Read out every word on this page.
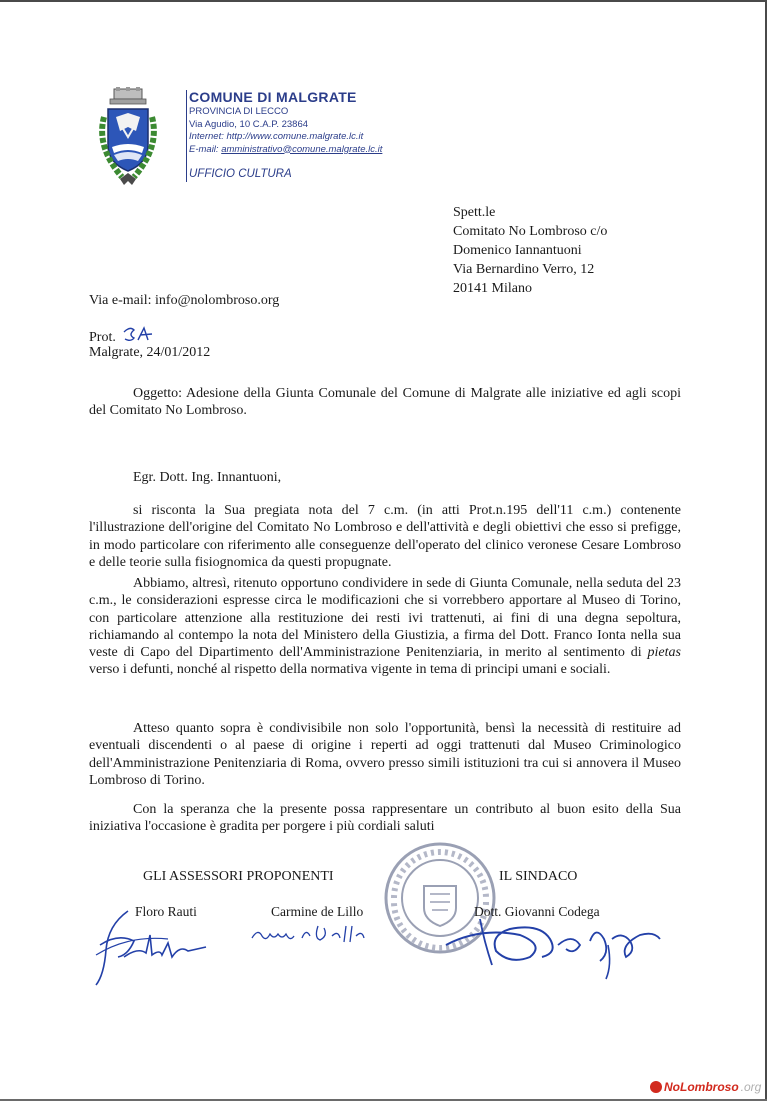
COMUNE DI MALGRATE
PROVINCIA DI LECCO
Via Agudio, 10 C.A.P. 23864
Internet: http://www.comune.malgrate.lc.it
E-mail: amministrativo@comune.malgrate.lc.it
UFFICIO CULTURA
Spett.le
Comitato No Lombroso c/o
Domenico Iannantuoni
Via Bernardino Verro, 12
20141 Milano
Via e-mail: info@nolombroso.org
Prot.
Malgrate, 24/01/2012
Oggetto: Adesione della Giunta Comunale del Comune di Malgrate alle iniziative ed agli scopi del Comitato No Lombroso.
Egr. Dott. Ing. Innantuoni,
si risconta la Sua pregiata nota del 7 c.m. (in atti Prot.n.195 dell'11 c.m.) contenente l'illustrazione dell'origine del Comitato No Lombroso e dell'attività e degli obiettivi che esso si prefigge, in modo particolare con riferimento alle conseguenze dell'operato del clinico veronese Cesare Lombroso e delle teorie sulla fisiognomica da questi propugnate.
Abbiamo, altresì, ritenuto opportuno condividere in sede di Giunta Comunale, nella seduta del 23 c.m., le considerazioni espresse circa le modificazioni che si vorrebbero apportare al Museo di Torino, con particolare attenzione alla restituzione dei resti ivi trattenuti, ai fini di una degna sepoltura, richiamando al contempo la nota del Ministero della Giustizia, a firma del Dott. Franco Ionta nella sua veste di Capo del Dipartimento dell'Amministrazione Penitenziaria, in merito al sentimento di pietas verso i defunti, nonché al rispetto della normativa vigente in tema di principi umani e sociali.
Atteso quanto sopra è condivisibile non solo l'opportunità, bensì la necessità di restituire ad eventuali discendenti o al paese di origine i reperti ad oggi trattenuti dal Museo Criminologico dell'Amministrazione Penitenziaria di Roma, ovvero presso simili istituzioni tra cui si annovera il Museo Lombroso di Torino.
Con la speranza che la presente possa rappresentare un contributo al buon esito della Sua iniziativa l'occasione è gradita per porgere i più cordiali saluti
GLI ASSESSORI PROPONENTI	IL SINDACO
Floro Rauti	Carmine de Lillo	Dott. Giovanni Codega
NoLombroso .org
